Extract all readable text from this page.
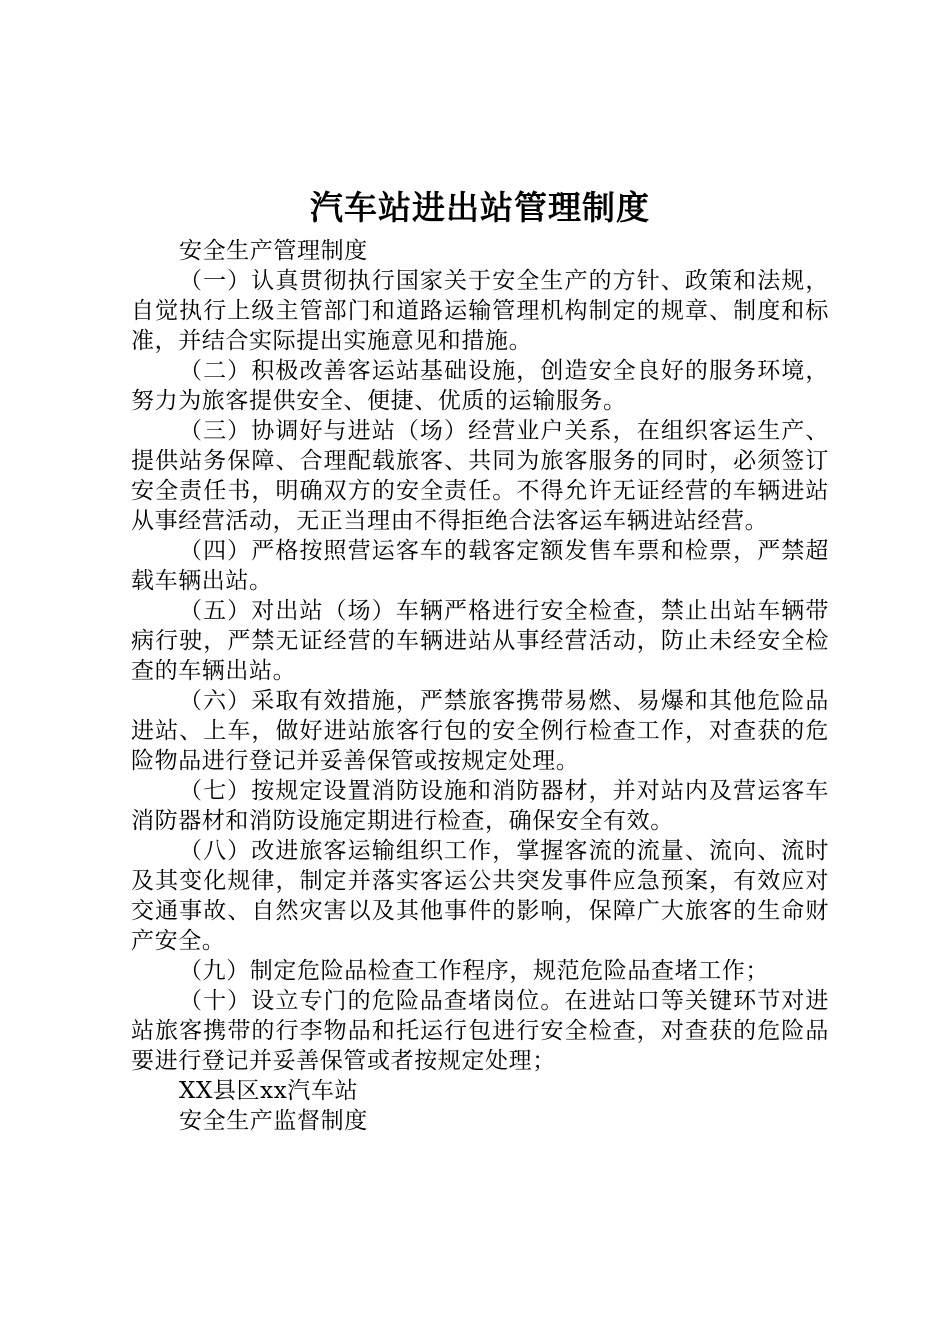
汽车站进出站管理制度

安全生产管理制度

（一）认真贯彻执行国家关于安全生产的方针、政策和法规，自觉执行上级主管部门和道路运输管理机构制定的规章、制度和标准，并结合实际提出实施意见和措施。

（二）积极改善客运站基础设施，创造安全良好的服务环境，努力为旅客提供安全、便捷、优质的运输服务。

（三）协调好与进站（场）经营业户关系，在组织客运生产、提供站务保障、合理配载旅客、共同为旅客服务的同时，必须签订安全责任书，明确双方的安全责任。不得允许无证经营的车辆进站从事经营活动，无正当理由不得拒绝合法客运车辆进站经营。

（四）严格按照营运客车的载客定额发售车票和检票，严禁超载车辆出站。

（五）对出站（场）车辆严格进行安全检查，禁止出站车辆带病行驶，严禁无证经营的车辆进站从事经营活动，防止未经安全检查的车辆出站。

（六）采取有效措施，严禁旅客携带易燃、易爆和其他危险品进站、上车，做好进站旅客行包的安全例行检查工作，对查获的危险物品进行登记并妥善保管或按规定处理。

（七）按规定设置消防设施和消防器材，并对站内及营运客车消防器材和消防设施定期进行检查，确保安全有效。

（八）改进旅客运输组织工作，掌握客流的流量、流向、流时及其变化规律，制定并落实客运公共突发事件应急预案，有效应对交通事故、自然灾害以及其他事件的影响，保障广大旅客的生命财产安全。

（九）制定危险品检查工作程序，规范危险品查堵工作；

（十）设立专门的危险品查堵岗位。在进站口等关键环节对进站旅客携带的行李物品和托运行包进行安全检查，对查获的危险品要进行登记并妥善保管或者按规定处理；

XX县区xx汽车站

安全生产监督制度
